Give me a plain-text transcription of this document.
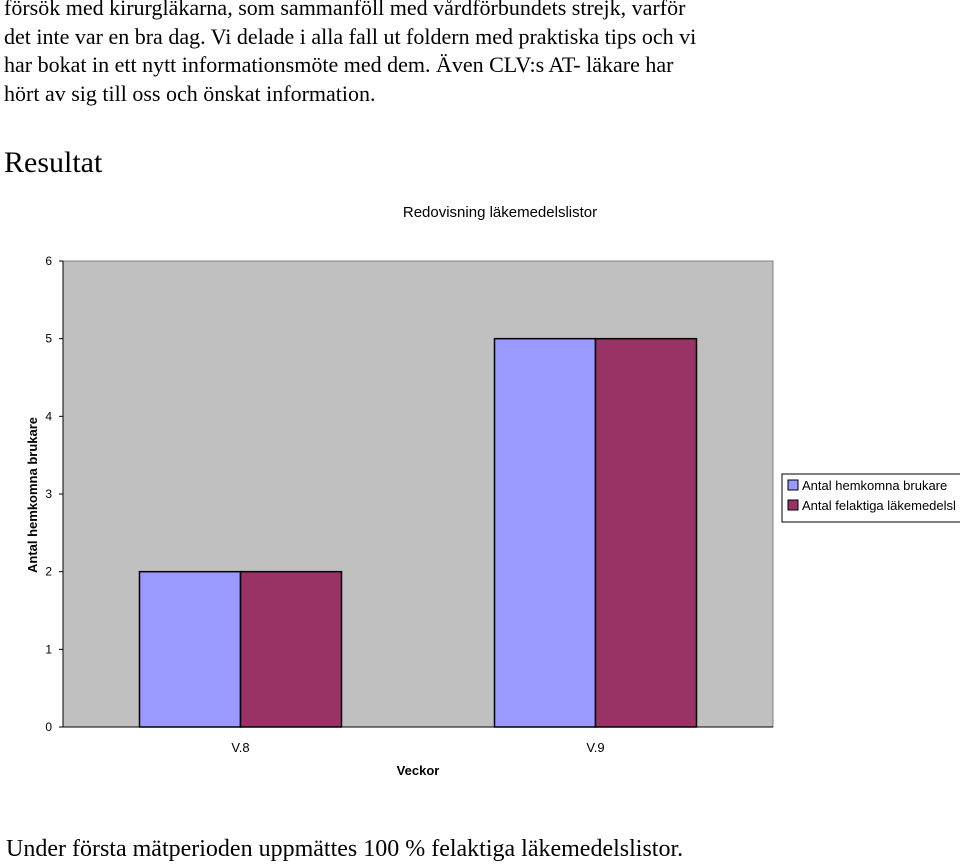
försök med kirurgläkarna, som sammanföll med vårdförbundets strejk, varför

det inte var en bra dag. Vi delade i alla fall ut foldern med praktiska tips och vi

har bokat in ett nytt informationsmöte med dem. Även CLV:s AT- läkare har

hört av sig till oss och önskat information.

Resultat
Redovisning läkemedelslistor
0
1
2
3
4
5
6
V.8	V.9
Veckor
Antal hemkomna brukare	Antal hemkomna brukare
Antal felaktiga läkemedelsl

Under första mätperioden uppmättes 100 % felaktiga läkemedelslistor.
